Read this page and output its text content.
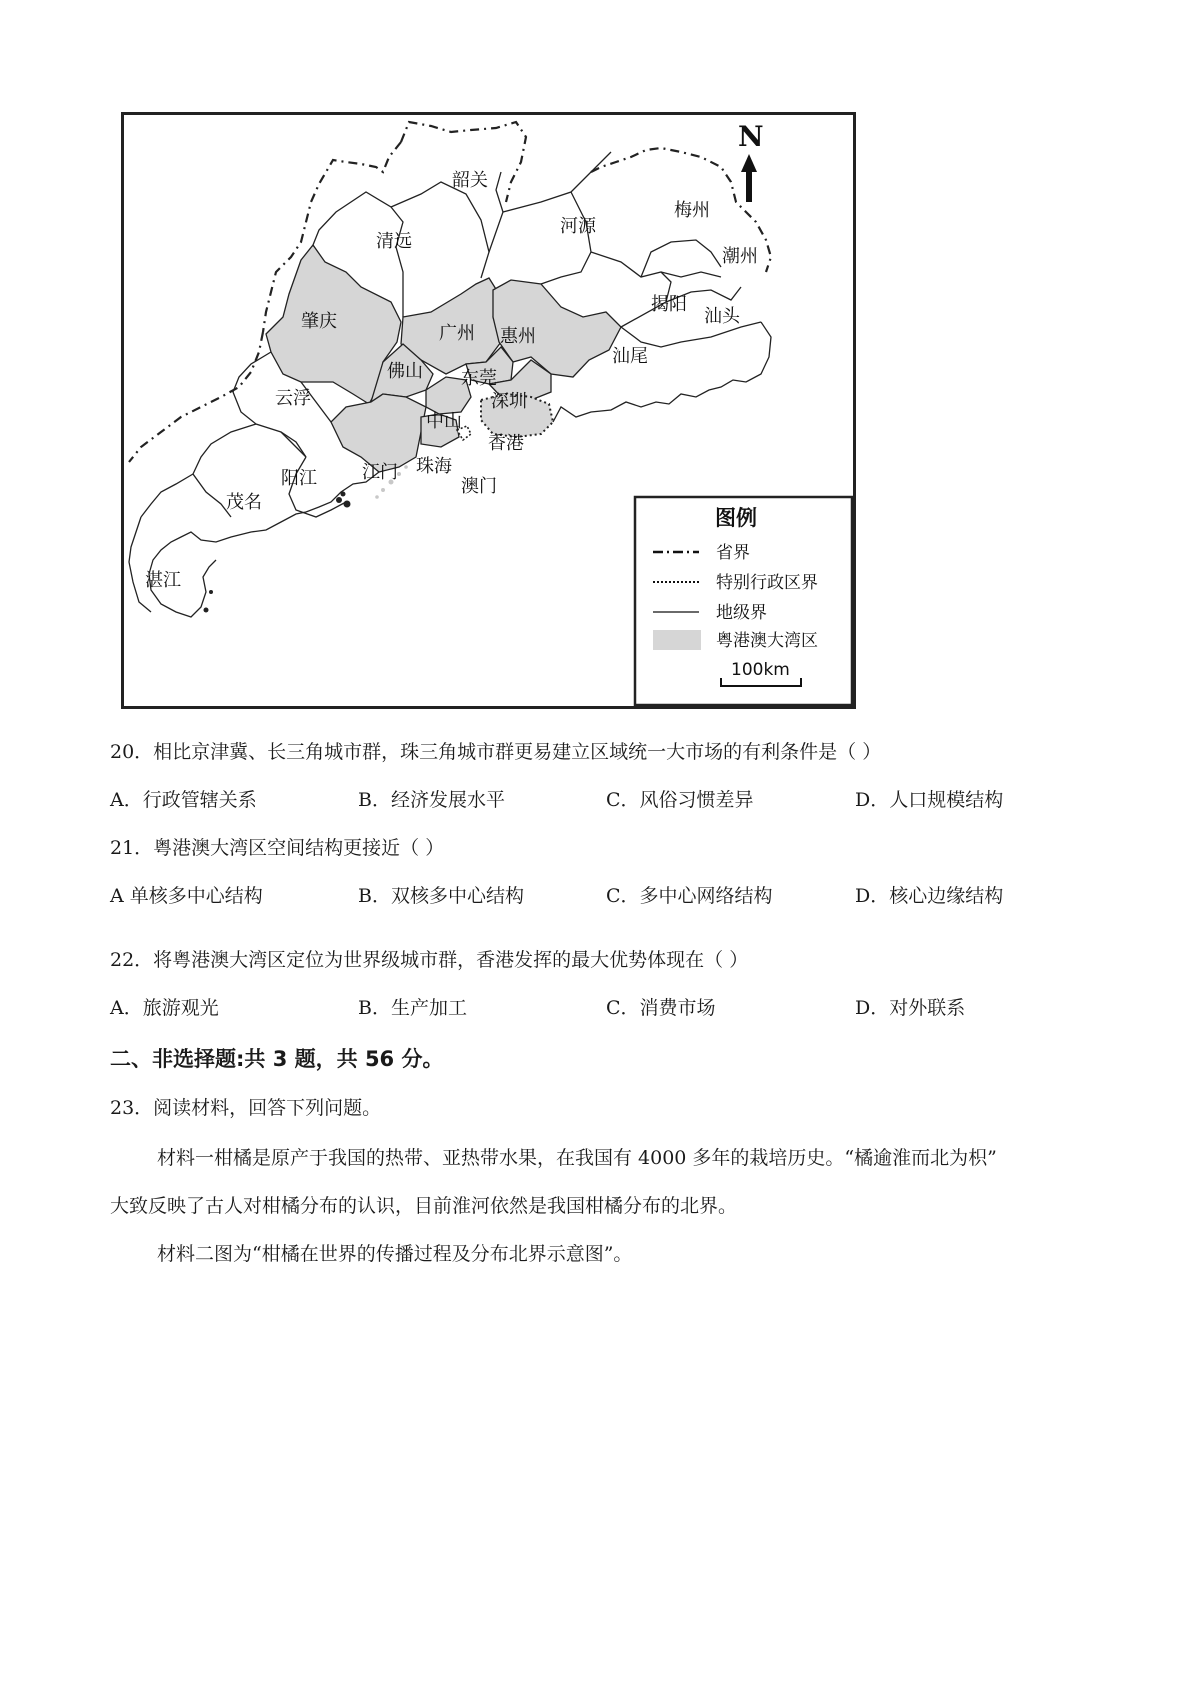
N
韶关
清远
河源
梅州
潮州
揭阳
汕头
汕尾
肇庆
广州 惠州
佛山 东莞
深圳
云浮
中山
香港
江门 珠海
澳门
阳江
茂名
湛江
图例
省界
特别行政区界
地级界
粤港澳大湾区
100km
20．相比京津冀、长三角城市群，珠三角城市群更易建立区域统一大市场的有利条件是（ ）
A．行政管辖关系	B．经济发展水平	C．风俗习惯差异	D．人口规模结构
21．粤港澳大湾区空间结构更接近（ ）
A 单核多中心结构	B．双核多中心结构	C．多中心网络结构	D．核心边缘结构
22．将粤港澳大湾区定位为世界级城市群，香港发挥的最大优势体现在（ ）
A．旅游观光	B．生产加工	C．消费市场	D．对外联系
二、非选择题:共 3 题，共 56 分。
23．阅读材料，回答下列问题。
材料一柑橘是原产于我国的热带、亚热带水果，在我国有 4000 多年的栽培历史。“橘逾淮而北为枳”
大致反映了古人对柑橘分布的认识，目前淮河依然是我国柑橘分布的北界。
材料二图为“柑橘在世界的传播过程及分布北界示意图”。
